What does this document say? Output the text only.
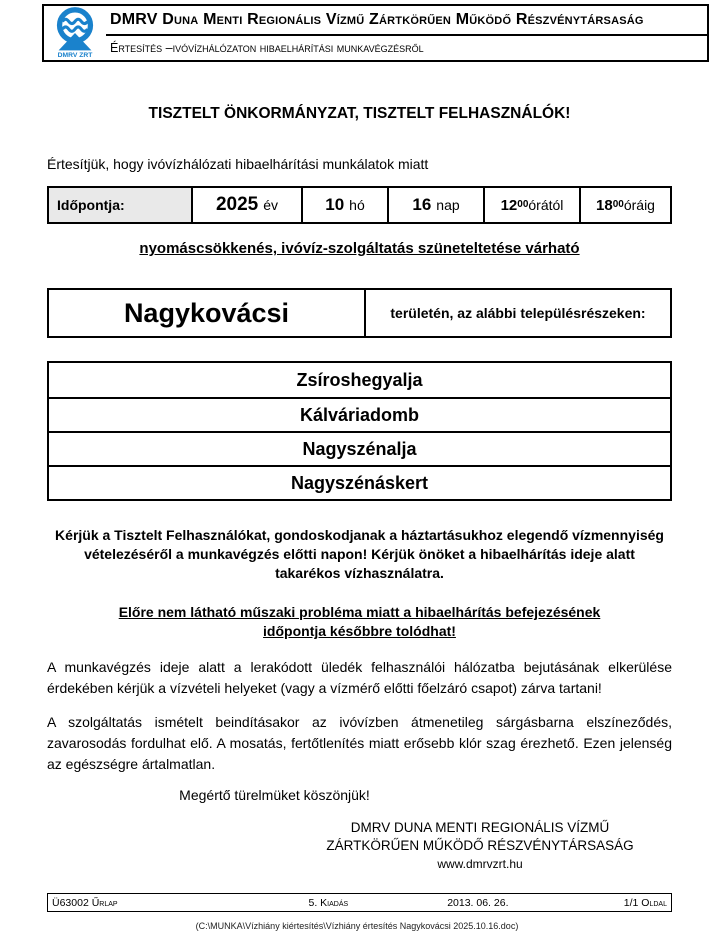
DMRV ZRT
DMRV Duna Menti Regionális Vízmű Zártkörűen Működő Részvénytársaság
Értesítés –ivóvízhálózaton hibaelhárítási munkavégzésről
TISZTELT ÖNKORMÁNYZAT, TISZTELT FELHASZNÁLÓK!
Értesítjük, hogy ivóvízhálózati hibaelhárítási munkálatok miatt
Időpontja:	2025 év	10 hó	16 nap	12 00 órától 18 00 óráig
nyomáscsökkenés, ivóvíz-szolgáltatás szüneteltetése várható
Nagykovácsi	területén, az alábbi településrészeken:
Zsíroshegyalja
Kálváriadomb
Nagyszénalja
Nagyszénáskert
Kérjük a Tisztelt Felhasználókat, gondoskodjanak a háztartásukhoz elegendő vízmennyiség vételezéséről a munkavégzés előtti napon! Kérjük önöket a hibaelhárítás ideje alatt takarékos vízhasználatra.
Előre nem látható műszaki probléma miatt a hibaelhárítás befejezésének időpontja későbbre tolódhat!
A munkavégzés ideje alatt a lerakódott üledék felhasználói hálózatba bejutásának elkerülése érdekében kérjük a vízvételi helyeket (vagy a vízmérő előtti főelzáró csapot) zárva tartani!
A szolgáltatás ismételt beindításakor az ivóvízben átmenetileg sárgásbarna elszíneződés, zavarosodás fordulhat elő. A mosatás, fertőtlenítés miatt erősebb klór szag érezhető. Ezen jelenség az egészségre ártalmatlan.
Megértő türelmüket köszönjük!
DMRV DUNA MENTI REGIONÁLIS VÍZMŰ
ZÁRTKÖRŰEN MŰKÖDŐ RÉSZVÉNYTÁRSASÁG
www.dmrvzrt.hu
Ü63002 Űrlap	5. Kiadás	2013. 06. 26.	1/1 Oldal
(C:\MUNKA\Vízhiány kiértesítés\Vízhiány értesítés Nagykovácsi 2025.10.16.doc)
